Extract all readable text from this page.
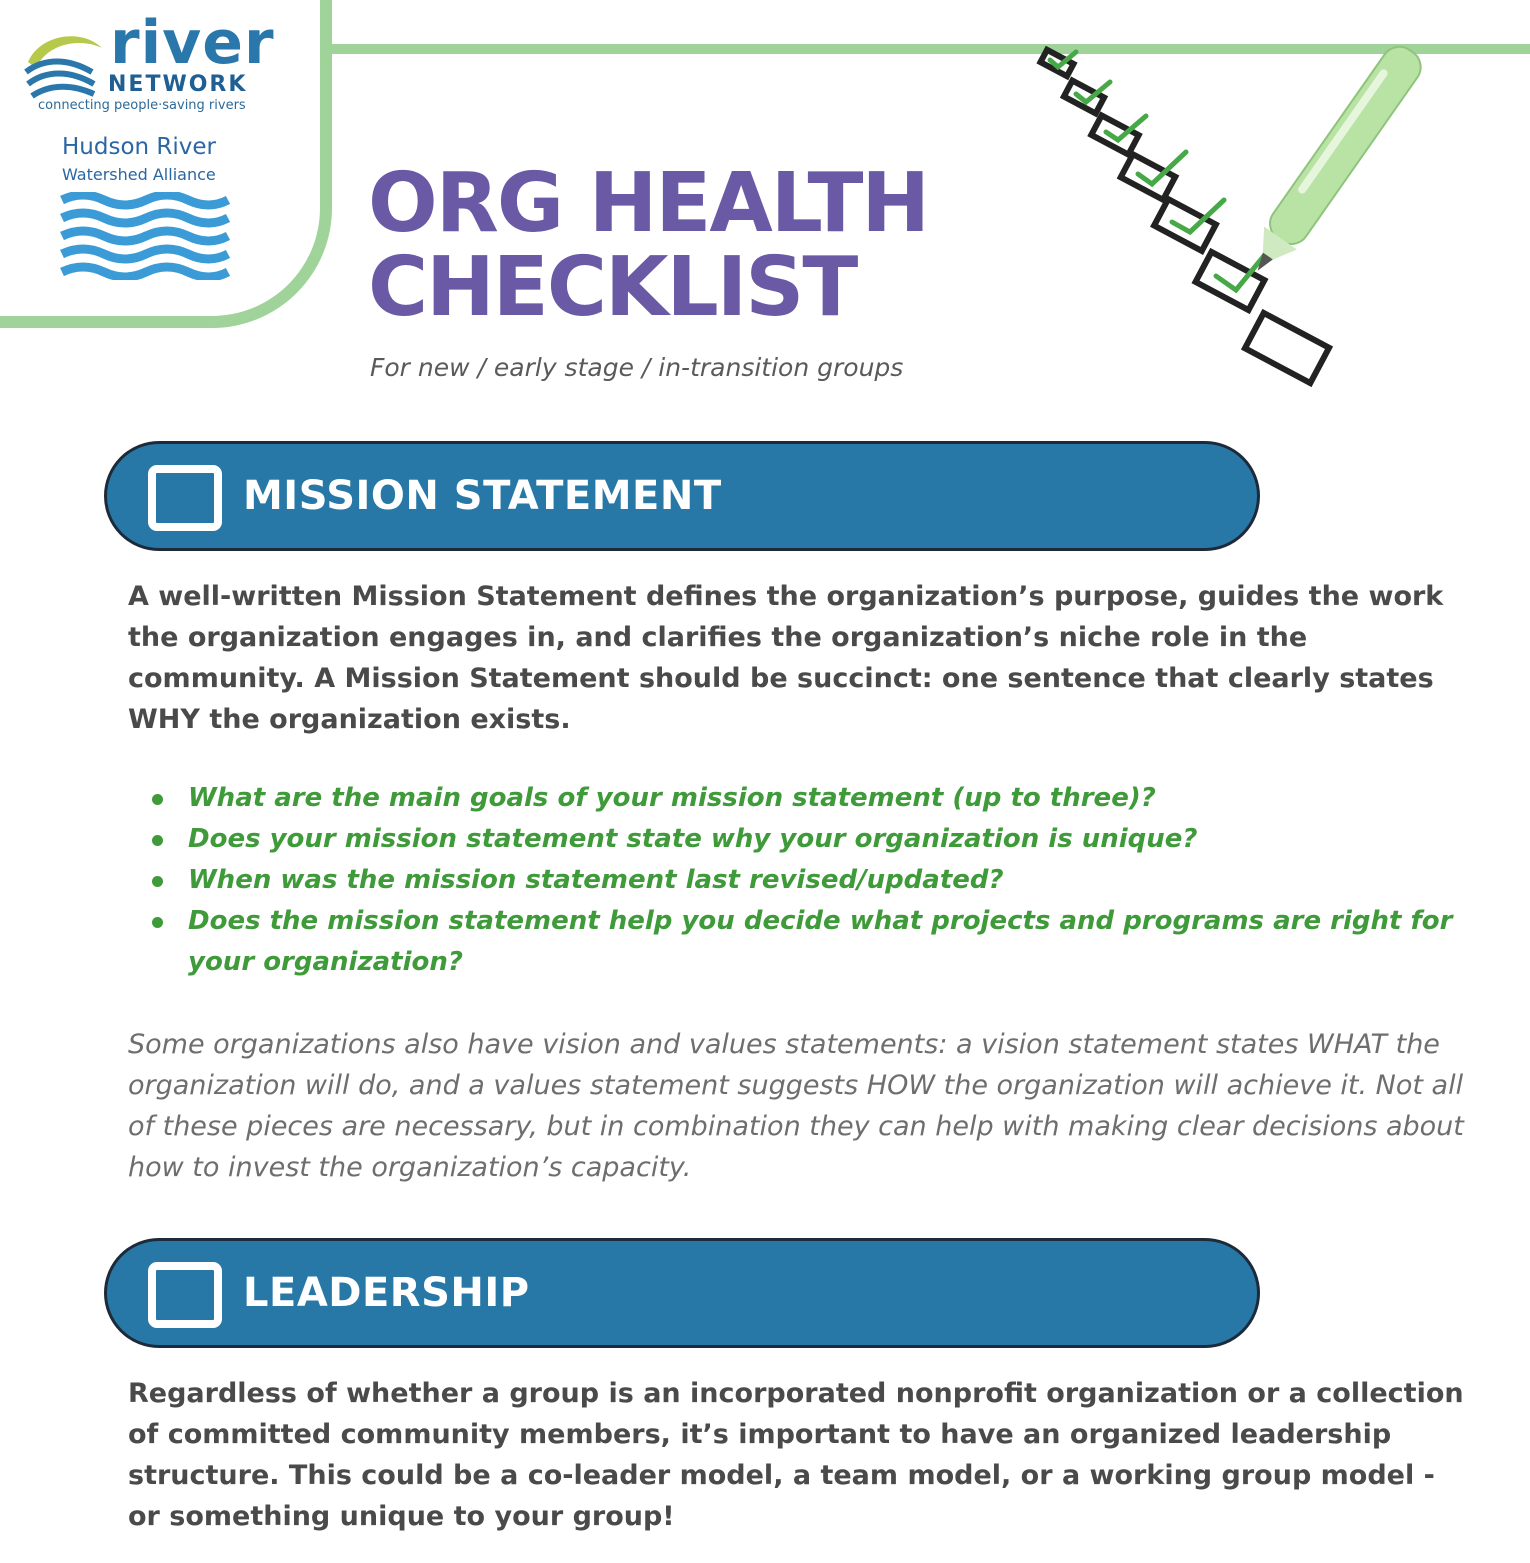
river
NETWORK
connecting people·saving rivers
Hudson River
Watershed Alliance ORG HEALTH
CHECKLIST
For new / early stage / in-transition groups
MISSION STATEMENT

A well-written Mission Statement defines the organization’s purpose, guides the work the organization engages in, and clarifies the organization’s niche role in the community. A Mission Statement should be succinct: one sentence that clearly states WHY the organization exists.

What are the main goals of your mission statement (up to three)?
Does your mission statement state why your organization is unique?
When was the mission statement last revised/updated?
Does the mission statement help you decide what projects and programs are right for your organization?

Some organizations also have vision and values statements: a vision statement states WHAT the organization will do, and a values statement suggests HOW the organization will achieve it. Not all of these pieces are necessary, but in combination they can help with making clear decisions about how to invest the organization’s capacity.

LEADERSHIP

Regardless of whether a group is an incorporated nonprofit organization or a collection of committed community members, it’s important to have an organized leadership structure. This could be a co-leader model, a team model, or a working group model - or something unique to your group!
